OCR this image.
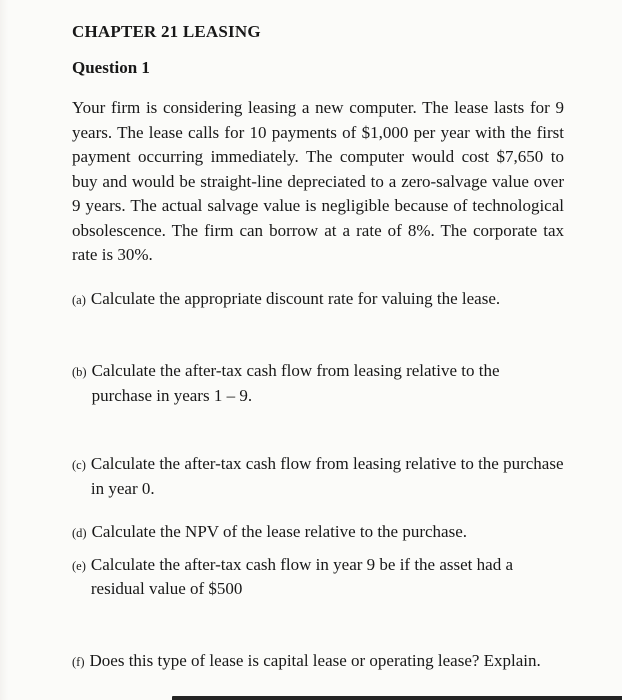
CHAPTER 21 LEASING
Question 1

Your firm is considering leasing a new computer. The lease lasts for 9 years. The lease calls for 10 payments of $1,000 per year with the first payment occurring immediately. The computer would cost $7,650 to buy and would be straight-line depreciated to a zero-salvage value over 9 years. The actual salvage value is negligible because of technological obsolescence. The firm can borrow at a rate of 8%. The corporate tax rate is 30%.

(a) Calculate the appropriate discount rate for valuing the lease.
(b) Calculate the after-tax cash flow from leasing relative to the purchase in years 1 – 9.
(c) Calculate the after-tax cash flow from leasing relative to the purchase in year 0.
(d) Calculate the NPV of the lease relative to the purchase.
(e) Calculate the after-tax cash flow in year 9 be if the asset had a residual value of $500
(f) Does this type of lease is capital lease or operating lease? Explain.
